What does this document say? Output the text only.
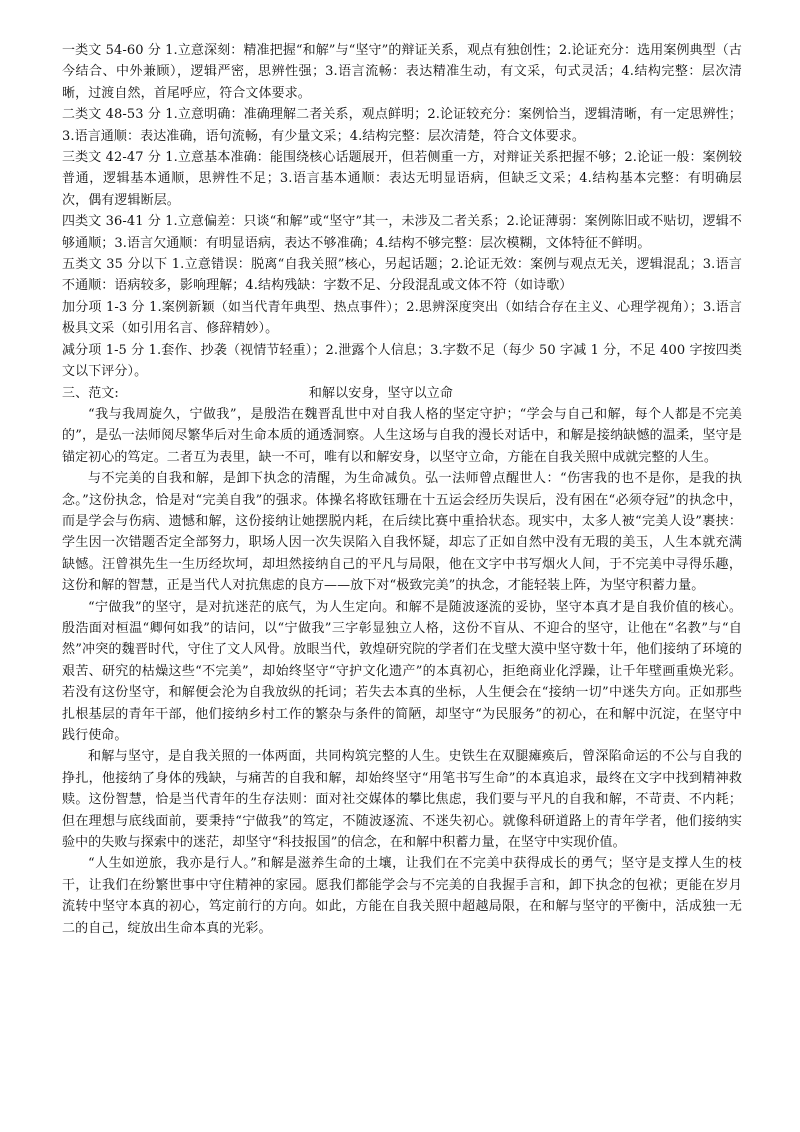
一类文 54-60 分 1.立意深刻：精准把握“和解”与“坚守”的辩证关系，观点有独创性；2.论证充分：选用案例典型（古今结合、中外兼顾），逻辑严密，思辨性强；3.语言流畅：表达精准生动，有文采，句式灵活；4.结构完整：层次清晰，过渡自然，首尾呼应，符合文体要求。

二类文 48-53 分 1.立意明确：准确理解二者关系，观点鲜明；2.论证较充分：案例恰当，逻辑清晰，有一定思辨性；3.语言通顺：表达准确，语句流畅，有少量文采；4.结构完整：层次清楚，符合文体要求。

三类文 42-47 分 1.立意基本准确：能围绕核心话题展开，但若侧重一方，对辩证关系把握不够；2.论证一般：案例较普通，逻辑基本通顺，思辨性不足；3.语言基本通顺：表达无明显语病，但缺乏文采；4.结构基本完整：有明确层次，偶有逻辑断层。

四类文 36-41 分 1.立意偏差：只谈“和解”或“坚守”其一，未涉及二者关系；2.论证薄弱：案例陈旧或不贴切，逻辑不够通顺；3.语言欠通顺：有明显语病，表达不够准确；4.结构不够完整：层次模糊，文体特征不鲜明。

五类文 35 分以下 1.立意错误：脱离“自我关照”核心，另起话题；2.论证无效：案例与观点无关，逻辑混乱；3.语言不通顺：语病较多，影响理解；4.结构残缺：字数不足、分段混乱或文体不符（如诗歌）

加分项 1-3 分 1.案例新颖（如当代青年典型、热点事件）；2.思辨深度突出（如结合存在主义、心理学视角）；3.语言极具文采（如引用名言、修辞精妙）。

减分项 1-5 分 1.套作、抄袭（视情节轻重）；2.泄露个人信息；3.字数不足（每少 50 字减 1 分，不足 400 字按四类文以下评分）。

三、范文:	和解以安身，坚守以立命

“我与我周旋久，宁做我”，是殷浩在魏晋乱世中对自我人格的坚定守护；“学会与自己和解，每个人都是不完美的”，是弘一法师阅尽繁华后对生命本质的通透洞察。人生这场与自我的漫长对话中，和解是接纳缺憾的温柔，坚守是锚定初心的笃定。二者互为表里，缺一不可，唯有以和解安身，以坚守立命，方能在自我关照中成就完整的人生。

与不完美的自我和解，是卸下执念的清醒，为生命减负。弘一法师曾点醒世人：“伤害我的也不是你，是我的执念。”这份执念，恰是对“完美自我”的强求。体操名将欧钰珊在十五运会经历失误后，没有困在“必须夺冠”的执念中，而是学会与伤病、遗憾和解，这份接纳让她摆脱内耗，在后续比赛中重拾状态。现实中，太多人被“完美人设”裹挟：学生因一次错题否定全部努力，职场人因一次失误陷入自我怀疑，却忘了正如自然中没有无瑕的美玉，人生本就充满缺憾。汪曾祺先生一生历经坎坷，却坦然接纳自己的平凡与局限，他在文字中书写烟火人间，于不完美中寻得乐趣，这份和解的智慧，正是当代人对抗焦虑的良方——放下对“极致完美”的执念，才能轻装上阵，为坚守积蓄力量。

“宁做我”的坚守，是对抗迷茫的底气，为人生定向。和解不是随波逐流的妥协，坚守本真才是自我价值的核心。殷浩面对桓温“卿何如我”的诘问，以“宁做我”三字彰显独立人格，这份不盲从、不迎合的坚守，让他在“名教”与“自然”冲突的魏晋时代，守住了文人风骨。放眼当代，敦煌研究院的学者们在戈壁大漠中坚守数十年，他们接纳了环境的艰苦、研究的枯燥这些“不完美”，却始终坚守“守护文化遗产”的本真初心，拒绝商业化浮躁，让千年壁画重焕光彩。若没有这份坚守，和解便会沦为自我放纵的托词；若失去本真的坐标，人生便会在“接纳一切”中迷失方向。正如那些扎根基层的青年干部，他们接纳乡村工作的繁杂与条件的简陋，却坚守“为民服务”的初心，在和解中沉淀，在坚守中践行使命。

和解与坚守，是自我关照的一体两面，共同构筑完整的人生。史铁生在双腿瘫痪后，曾深陷命运的不公与自我的挣扎，他接纳了身体的残缺，与痛苦的自我和解，却始终坚守“用笔书写生命”的本真追求，最终在文字中找到精神救赎。这份智慧，恰是当代青年的生存法则：面对社交媒体的攀比焦虑，我们要与平凡的自我和解，不苛责、不内耗；但在理想与底线面前，要秉持“宁做我”的笃定，不随波逐流、不迷失初心。就像科研道路上的青年学者，他们接纳实验中的失败与探索中的迷茫，却坚守“科技报国”的信念，在和解中积蓄力量，在坚守中实现价值。

“人生如逆旅，我亦是行人。”和解是滋养生命的土壤，让我们在不完美中获得成长的勇气；坚守是支撑人生的枝干，让我们在纷繁世事中守住精神的家园。愿我们都能学会与不完美的自我握手言和，卸下执念的包袱；更能在岁月流转中坚守本真的初心，笃定前行的方向。如此，方能在自我关照中超越局限，在和解与坚守的平衡中，活成独一无二的自己，绽放出生命本真的光彩。
